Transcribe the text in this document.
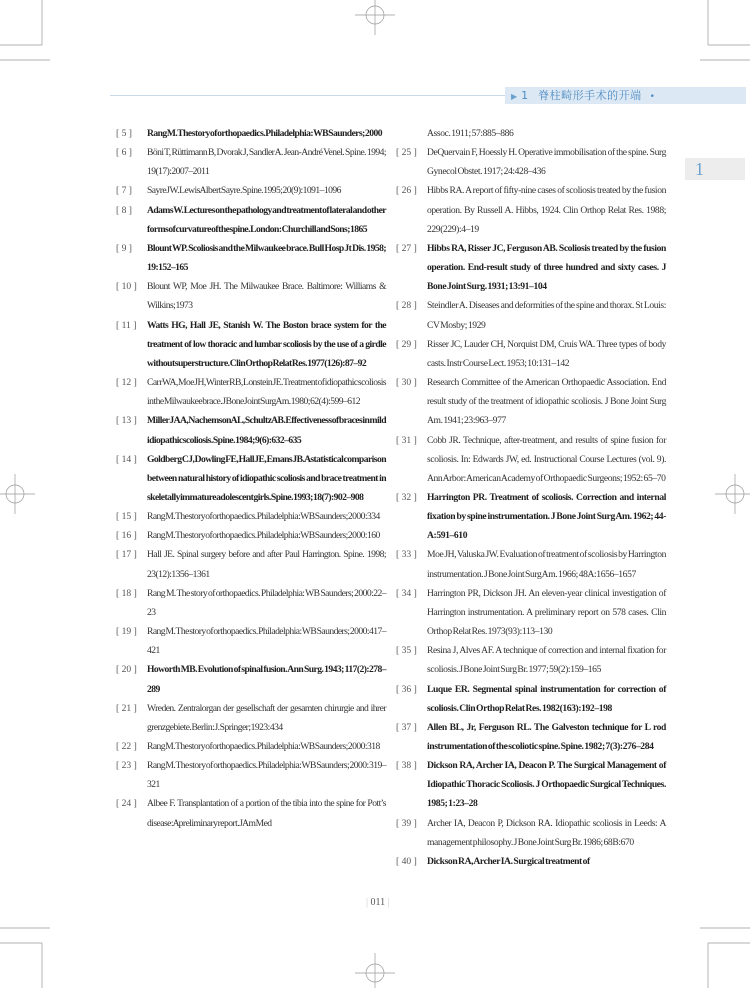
▶ 1 脊柱畸形手术的开端 •
1
[ 5 ] Rang M. The story of orthopaedics. Philadelphia: WB Saunders; 2000
[ 6 ] Böni T, Rüttimann B, Dvorak J, Sandler A. Jean-André Venel. Spine. 1994; 19(17):2007–2011
[ 7 ] Sayre JW. Lewis Albert Sayre. Spine. 1995; 20(9):1091–1096
[ 8 ] Adams W. Lectures on the pathology and treatment of lateral and other forms of curvature of the spine. London: Churchill and Sons; 1865
[ 9 ] Blount WP. Scoliosis and the Milwaukee brace. Bull Hosp Jt Dis. 1958; 19:152–165
[ 10 ] Blount WP, Moe JH. The Milwaukee Brace. Baltimore: Williams & Wilkins; 1973
[ 11 ] Watts HG, Hall JE, Stanish W. The Boston brace system for the treatment of low thoracic and lumbar scoliosis by the use of a girdle without superstructure. Clin Orthop Relat Res. 1977(126):87–92
[ 12 ] Carr WA, Moe JH, Winter RB, Lonstein JE. Treatment of idiopathic scoliosis in the Milwaukee brace. J Bone Joint Surg Am. 1980; 62(4):599–612
[ 13 ] Miller JAA, Nachemson AL, Schultz AB. Effectiveness of braces in mild idiopathic scoliosis. Spine. 1984; 9(6):632–635
[ 14 ] Goldberg CJ, Dowling FE, Hall JE, Emans JB. A statistical comparison between natural history of idiopathic scoliosis and brace treatment in skeletally immature adolescent girls. Spine. 1993; 18(7):902–908
[ 15 ] Rang M. The story of orthopaedics. Philadelphia: WB Saunders; 2000:334
[ 16 ] Rang M. The story of orthopaedics. Philadelphia: WB Saunders; 2000:160
[ 17 ] Hall JE. Spinal surgery before and after Paul Harrington. Spine. 1998; 23(12):1356–1361
[ 18 ] Rang M. The story of orthopaedics. Philadelphia: WB Saunders; 2000:22–23
[ 19 ] Rang M. The story of orthopaedics. Philadelphia: WB Saunders; 2000:417–421
[ 20 ] Howorth MB. Evolution of spinal fusion. Ann Surg. 1943; 117(2):278–289
[ 21 ] Wreden. Zentralorgan der gesellschaft der gesamten chirurgie and ihrer grenzgebiete. Berlin: J. Springer; 1923: 434
[ 22 ] Rang M. The story of orthopaedics. Philadelphia: WB Saunders; 2000:318
[ 23 ] Rang M. The story of orthopaedics. Philadelphia: WB Saunders; 2000: 319–321
[ 24 ] Albee F. Transplantation of a portion of the tibia into the spine for Pott’s disease: A preliminary report. J Am Med
Assoc. 1911; 57:885–886
[ 25 ] DeQuervain F, Hoessly H. Operative immobilisation of the spine. Surg Gynecol Obstet. 1917; 24:428–436
[ 26 ] Hibbs RA. A report of fifty-nine cases of scoliosis treated by the fusion operation. By Russell A. Hibbs, 1924. Clin Orthop Relat Res. 1988; 229(229):4–19
[ 27 ] Hibbs RA, Risser JC, Ferguson AB. Scoliosis treated by the fusion operation. End-result study of three hundred and sixty cases. J Bone Joint Surg. 1931; 13:91–104
[ 28 ] Steindler A. Diseases and deformities of the spine and thorax. St Louis: CV Mosby; 1929
[ 29 ] Risser JC, Lauder CH, Norquist DM, Cruis WA. Three types of body casts. Instr Course Lect. 1953; 10:131–142
[ 30 ] Research Committee of the American Orthopaedic Association. End result study of the treatment of idiopathic scoliosis. J Bone Joint Surg Am. 1941; 23:963–977
[ 31 ] Cobb JR. Technique, after-treatment, and results of spine fusion for scoliosis. In: Edwards JW, ed. Instructional Course Lectures (vol. 9). Ann Arbor: American Academy of Orthopaedic Surgeons; 1952: 65–70
[ 32 ] Harrington PR. Treatment of scoliosis. Correction and internal fixation by spine instrumentation. J Bone Joint Surg Am. 1962; 44-A:591–610
[ 33 ] Moe JH, Valuska JW. Evaluation of treatment of scoliosis by Harrington instrumentation. J Bone Joint Surg Am. 1966; 48A:1656–1657
[ 34 ] Harrington PR, Dickson JH. An eleven-year clinical investigation of Harrington instrumentation. A preliminary report on 578 cases. Clin Orthop Relat Res. 1973(93):113–130
[ 35 ] Resina J, Alves AF. A technique of correction and internal fixation for scoliosis. J Bone Joint Surg Br. 1977; 59(2):159–165
[ 36 ] Luque ER. Segmental spinal instrumentation for correction of scoliosis. Clin Orthop Relat Res. 1982(163):192–198
[ 37 ] Allen BL, Jr, Ferguson RL. The Galveston technique for L rod instrumentation of the scoliotic spine. Spine. 1982; 7(3):276–284
[ 38 ] Dickson RA, Archer IA, Deacon P. The Surgical Management of Idiopathic Thoracic Scoliosis. J Orthopaedic Surgical Techniques. 1985; 1:23–28
[ 39 ] Archer IA, Deacon P, Dickson RA. Idiopathic scoliosis in Leeds: A management philosophy. J Bone Joint Surg Br. 1986; 68B:670
[ 40 ] Dickson RA, Archer IA. Surgical treatment of
| 011 |
